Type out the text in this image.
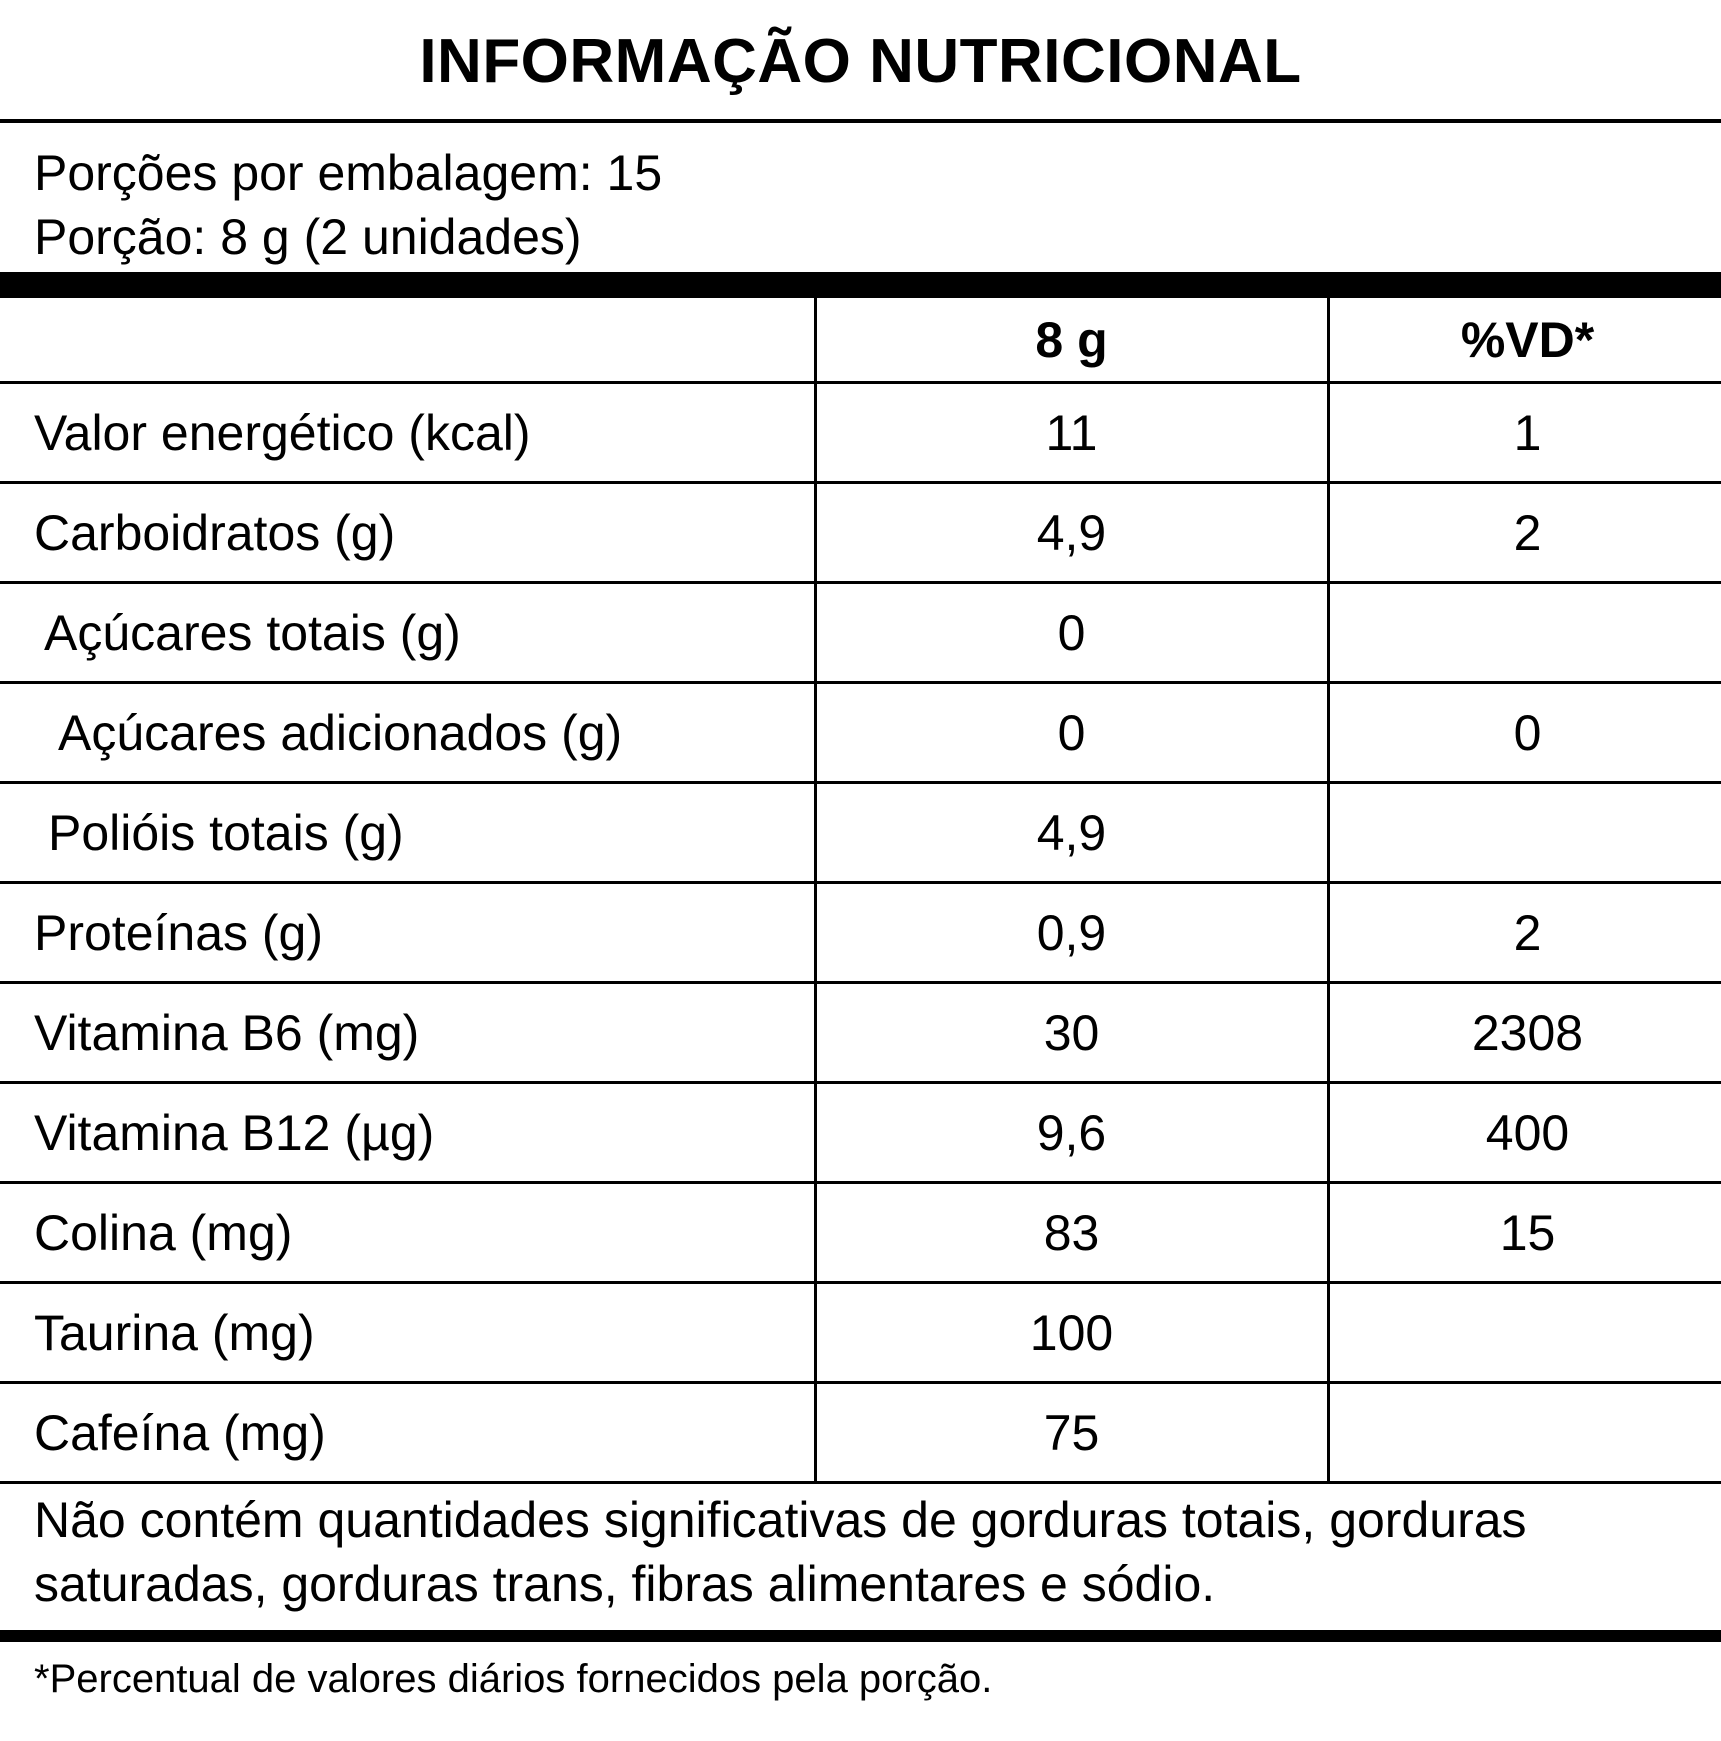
INFORMAÇÃO NUTRICIONAL
Porções por embalagem: 15
Porção: 8 g (2 unidades)
	8 g	%VD*
Valor energético (kcal)	11	1
Carboidratos (g)	4,9	2
Açúcares totais (g)	0	
Açúcares adicionados (g)	0	0
Polióis totais (g)	4,9	
Proteínas (g)	0,9	2
Vitamina B6 (mg)	30	2308
Vitamina B12 (µg)	9,6	400
Colina (mg)	83	15
Taurina (mg)	100	
Cafeína (mg)	75	
Não contém quantidades significativas de gorduras totais, gorduras saturadas, gorduras trans, fibras alimentares e sódio.
*Percentual de valores diários fornecidos pela porção.
